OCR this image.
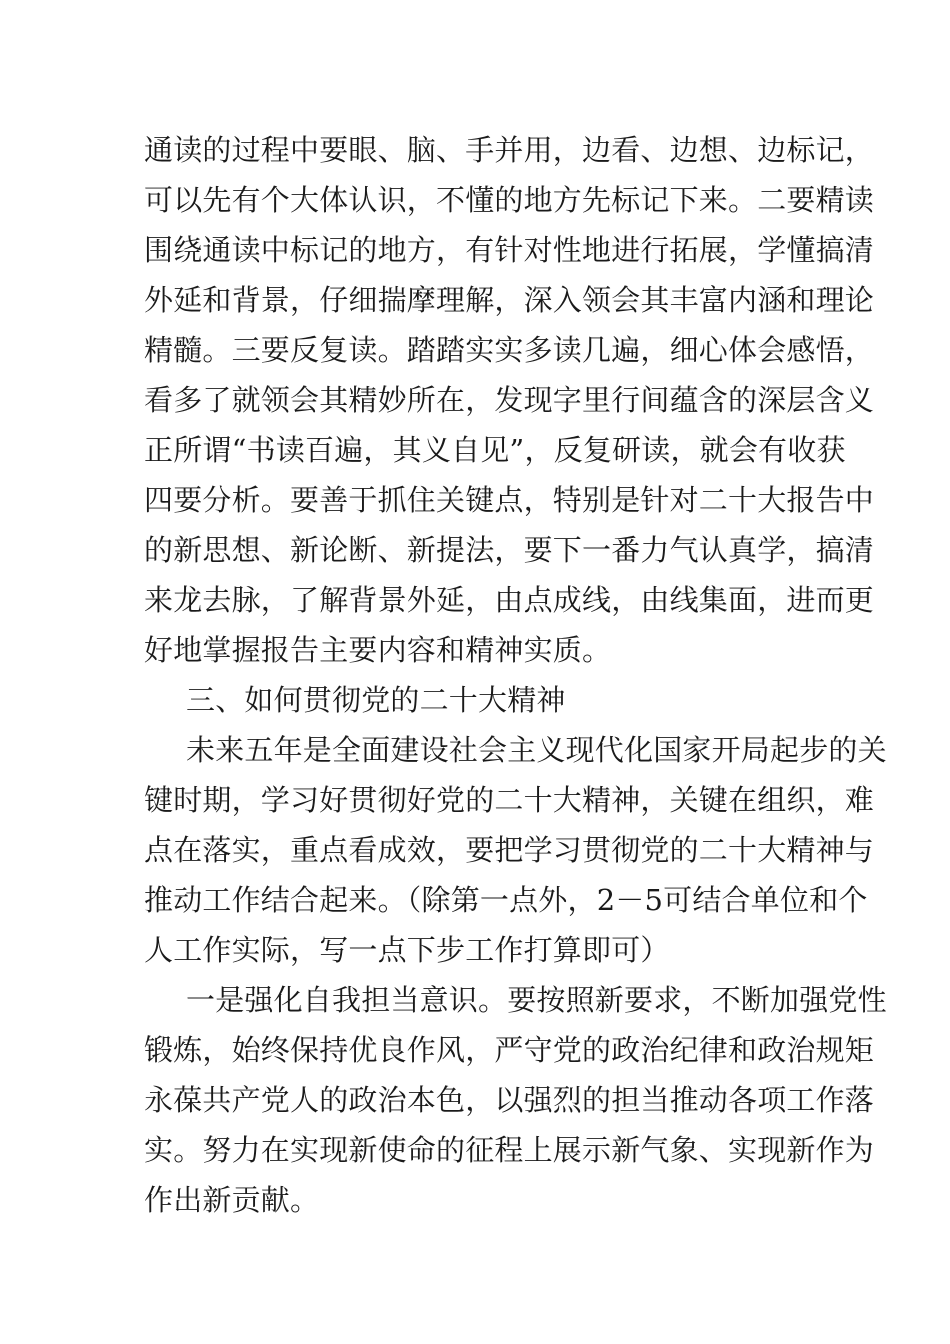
通读的过程中要眼、脑、手并用，边看、边想、边标记，
可以先有个大体认识，不懂的地方先标记下来。二要精读
围绕通读中标记的地方，有针对性地进行拓展，学懂搞清
外延和背景，仔细揣摩理解，深入领会其丰富内涵和理论
精髓。三要反复读。踏踏实实多读几遍，细心体会感悟，
看多了就领会其精妙所在，发现字里行间蕴含的深层含义
正所谓“书读百遍，其义自见”，反复研读，就会有收获
四要分析。要善于抓住关键点，特别是针对二十大报告中
的新思想、新论断、新提法，要下一番力气认真学，搞清
来龙去脉，了解背景外延，由点成线，由线集面，进而更
好地掌握报告主要内容和精神实质。
三、如何贯彻党的二十大精神
未来五年是全面建设社会主义现代化国家开局起步的关
键时期，学习好贯彻好党的二十大精神，关键在组织，难
点在落实，重点看成效，要把学习贯彻党的二十大精神与
推动工作结合起来。（除第一点外，2－5可结合单位和个
人工作实际，写一点下步工作打算即可）
一是强化自我担当意识。要按照新要求，不断加强党性
锻炼，始终保持优良作风，严守党的政治纪律和政治规矩
永葆共产党人的政治本色，以强烈的担当推动各项工作落
实。努力在实现新使命的征程上展示新气象、实现新作为
作出新贡献。
